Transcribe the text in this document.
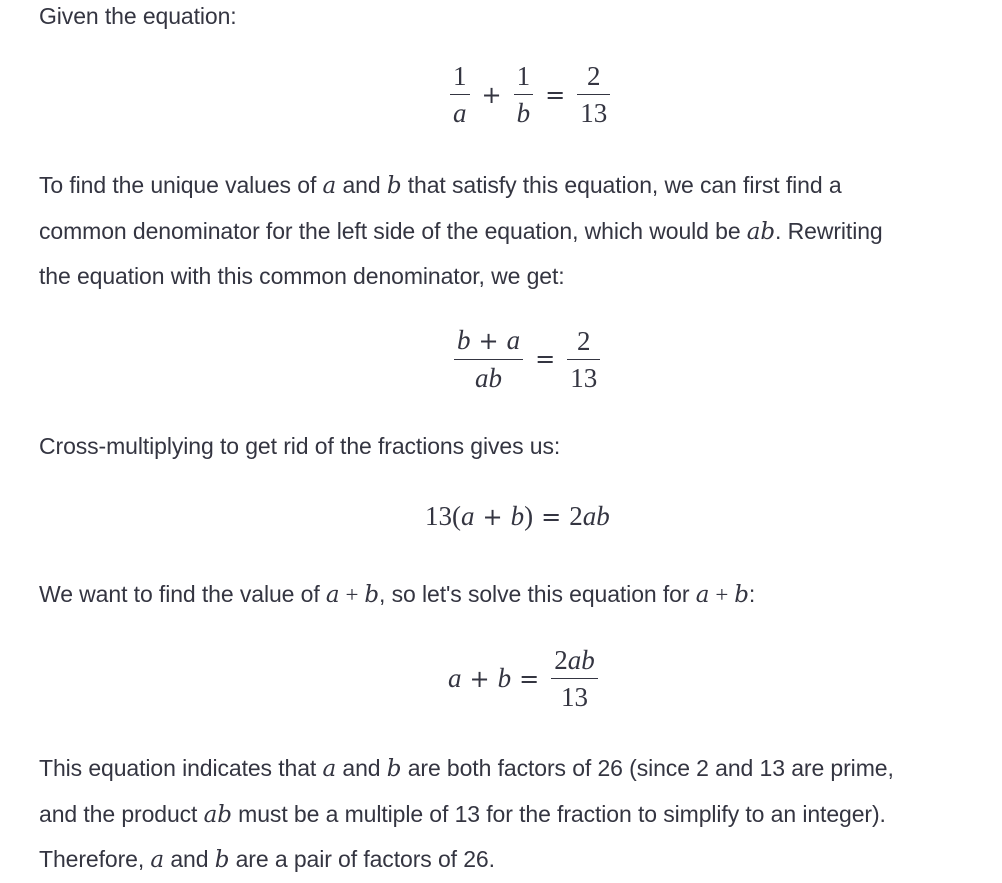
Given the equation:
$\frac{1}{a} + \frac{1}{b} = \frac{2}{13}$
To find the unique values of a and b that satisfy this equation, we can first find a
common denominator for the left side of the equation, which would be ab. Rewriting
the equation with this common denominator, we get:
$\frac{b + a}{ab} = \frac{2}{13}$
Cross-multiplying to get rid of the fractions gives us:
13( a + b ) = 2 ab
We want to find the value of a + b, so let's solve this equation for a + b:
$a + b = \frac{2ab}{13}$
This equation indicates that a and b are both factors of 26 (since 2 and 13 are prime,
and the product ab must be a multiple of 13 for the fraction to simplify to an integer).
Therefore, a and b are a pair of factors of 26.
